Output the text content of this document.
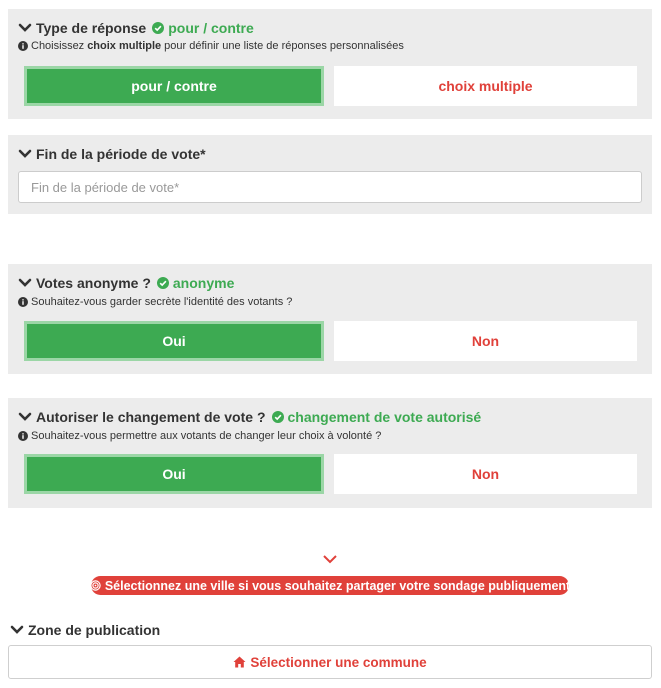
Type de réponse pour / contre
Choisissez choix multiple pour définir une liste de réponses personnalisées
pour / contre	choix multiple
Fin de la période de vote*
Fin de la période de vote*
Votes anonyme ? anonyme
Souhaitez-vous garder secrète l'identité des votants ?
Oui	Non
Autoriser le changement de vote ? changement de vote autorisé
Souhaitez-vous permettre aux votants de changer leur choix à volonté ?
Oui	Non
Sélectionnez une ville si vous souhaitez partager votre sondage publiquement
Zone de publication
Sélectionner une commune
